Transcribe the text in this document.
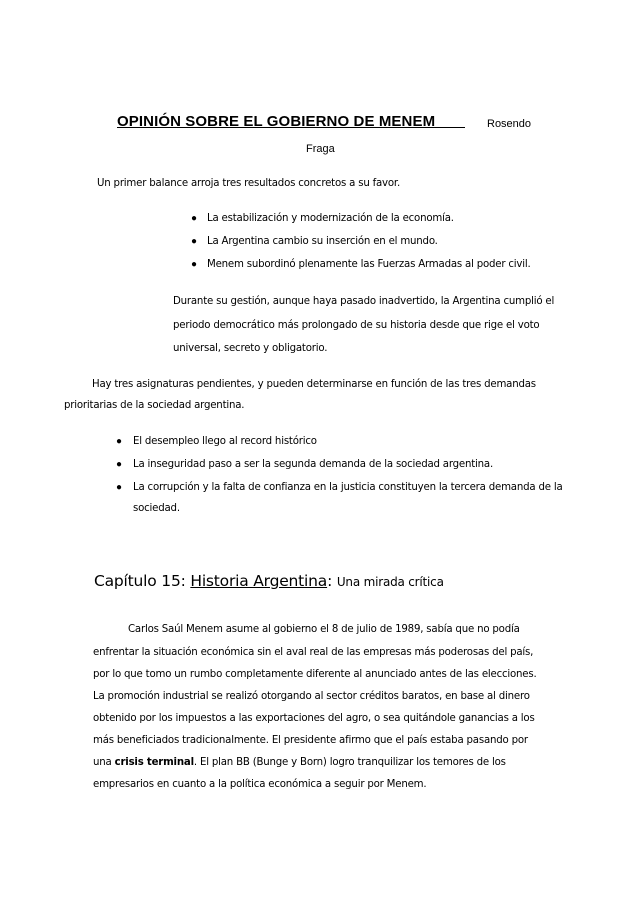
OPINIÓN SOBRE EL GOBIERNO DE MENEM	Rosendo
Fraga
Un primer balance arroja tres resultados concretos a su favor.
● La estabilización y modernización de la economía.
● La Argentina cambio su inserción en el mundo.
● Menem subordinó plenamente las Fuerzas Armadas al poder civil.
Durante su gestión, aunque haya pasado inadvertido, la Argentina cumplió el
periodo democrático más prolongado de su historia desde que rige el voto
universal, secreto y obligatorio.
Hay tres asignaturas pendientes, y pueden determinarse en función de las tres demandas
prioritarias de la sociedad argentina.
● El desempleo llego al record histórico
● La inseguridad paso a ser la segunda demanda de la sociedad argentina.
● La corrupción y la falta de confianza en la justicia constituyen la tercera demanda de la
sociedad.
Capítulo 15: Historia Argentina: Una mirada crítica
Carlos Saúl Menem asume al gobierno el 8 de julio de 1989, sabía que no podía
enfrentar la situación económica sin el aval real de las empresas más poderosas del país,
por lo que tomo un rumbo completamente diferente al anunciado antes de las elecciones.
La promoción industrial se realizó otorgando al sector créditos baratos, en base al dinero
obtenido por los impuestos a las exportaciones del agro, o sea quitándole ganancias a los
más beneficiados tradicionalmente. El presidente afirmo que el país estaba pasando por
una crisis terminal. El plan BB (Bunge y Born) logro tranquilizar los temores de los
empresarios en cuanto a la política económica a seguir por Menem.
